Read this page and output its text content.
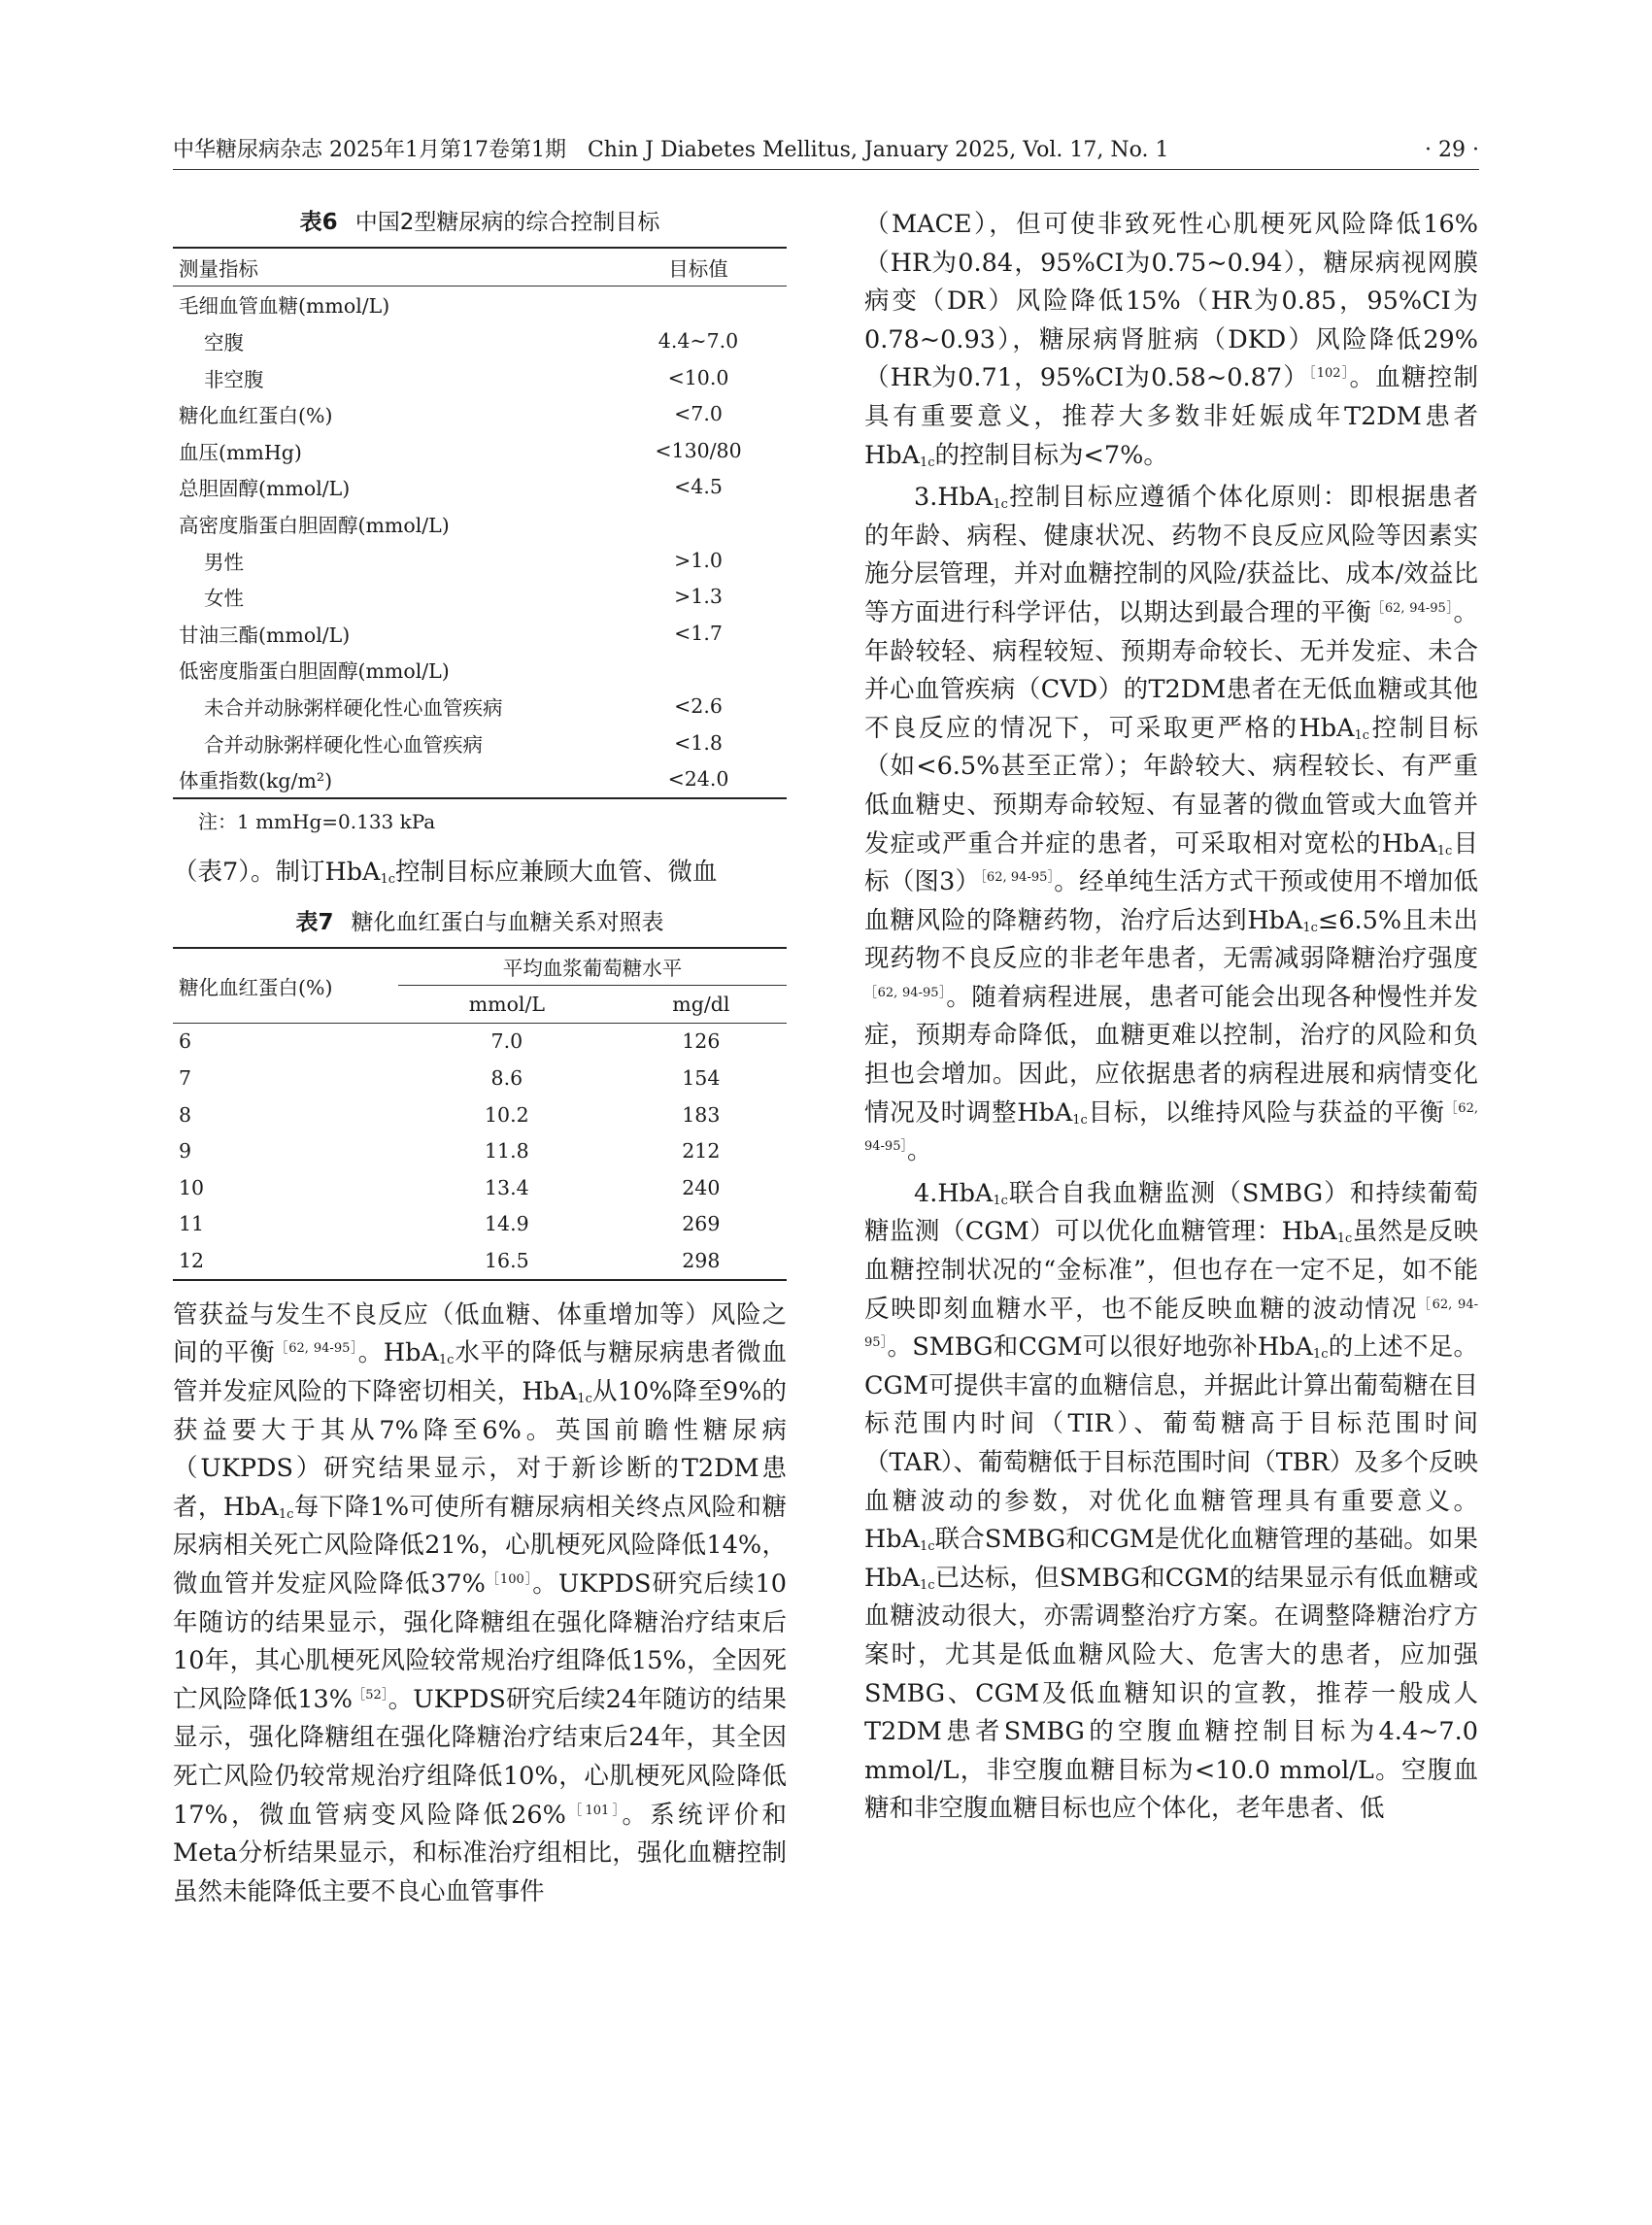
中华糖尿病杂志 2025年1月第17卷第1期　Chin J Diabetes Mellitus, January 2025, Vol. 17, No. 1	· 29 ·
表6 中国2型糖尿病的综合控制目标
测量指标	目标值
毛细血管血糖(mmol/L)	
空腹	4.4~7.0
非空腹	<10.0
糖化血红蛋白(%)	<7.0
血压(mmHg)	<130/80
总胆固醇(mmol/L)	<4.5
高密度脂蛋白胆固醇(mmol/L)	
男性	>1.0
女性	>1.3
甘油三酯(mmol/L)	<1.7
低密度脂蛋白胆固醇(mmol/L)	
未合并动脉粥样硬化性心血管疾病	<2.6
合并动脉粥样硬化性心血管疾病	<1.8
体重指数(kg/m²)	<24.0
注：1 mmHg=0.133 kPa

（表7）。制订HbA$_{1c}$控制目标应兼顾大血管、微血

表7 糖化血红蛋白与血糖关系对照表
糖化血红蛋白(%)	平均血浆葡萄糖水平	
	mmol/L	mg/dl
6	7.0	126
7	8.6	154
8	10.2	183
9	11.8	212
10	13.4	240
11	14.9	269
12	16.5	298

管获益与发生不良反应（低血糖、体重增加等）风险之间的平衡$^{[62, 94-95]}$。HbA$_{1c}$水平的降低与糖尿病患者微血管并发症风险的下降密切相关，HbA$_{1c}$从10%降至9%的获益要大于其从7%降至6%。英国前瞻性糖尿病（UKPDS）研究结果显示，对于新诊断的T2DM患者，HbA$_{1c}$每下降1%可使所有糖尿病相关终点风险和糖尿病相关死亡风险降低21%，心肌梗死风险降低14%，微血管并发症风险降低37%$^{[100]}$。UKPDS研究后续10年随访的结果显示，强化降糖组在强化降糖治疗结束后10年，其心肌梗死风险较常规治疗组降低15%，全因死亡风险降低13%$^{[52]}$。UKPDS研究后续24年随访的结果显示，强化降糖组在强化降糖治疗结束后24年，其全因死亡风险仍较常规治疗组降低10%，心肌梗死风险降低17%，微血管病变风险降低26%$^{[101]}$。系统评价和Meta分析结果显示，和标准治疗组相比，强化血糖控制虽然未能降低主要不良心血管事件

（MACE），但可使非致死性心肌梗死风险降低16%（HR为0.84，95%CI为0.75~0.94），糖尿病视网膜病变（DR）风险降低15%（HR为0.85，95%CI为0.78~0.93），糖尿病肾脏病（DKD）风险降低29%（HR为0.71，95%CI为0.58~0.87）$^{[102]}$。血糖控制具有重要意义，推荐大多数非妊娠成年T2DM患者HbA$_{1c}$的控制目标为<7%。

3.HbA$_{1c}$控制目标应遵循个体化原则：即根据患者的年龄、病程、健康状况、药物不良反应风险等因素实施分层管理，并对血糖控制的风险/获益比、成本/效益比等方面进行科学评估，以期达到最合理的平衡$^{[62, 94-95]}$。年龄较轻、病程较短、预期寿命较长、无并发症、未合并心血管疾病（CVD）的T2DM患者在无低血糖或其他不良反应的情况下，可采取更严格的HbA$_{1c}$控制目标（如<6.5%甚至正常）；年龄较大、病程较长、有严重低血糖史、预期寿命较短、有显著的微血管或大血管并发症或严重合并症的患者，可采取相对宽松的HbA$_{1c}$目标（图3）$^{[62, 94-95]}$。经单纯生活方式干预或使用不增加低血糖风险的降糖药物，治疗后达到HbA$_{1c}$≤6.5%且未出现药物不良反应的非老年患者，无需减弱降糖治疗强度$^{[62, 94-95]}$。随着病程进展，患者可能会出现各种慢性并发症，预期寿命降低，血糖更难以控制，治疗的风险和负担也会增加。因此，应依据患者的病程进展和病情变化情况及时调整HbA$_{1c}$目标，以维持风险与获益的平衡$^{[62, 94-95]}$。

4.HbA$_{1c}$联合自我血糖监测（SMBG）和持续葡萄糖监测（CGM）可以优化血糖管理：HbA$_{1c}$虽然是反映血糖控制状况的“金标准”，但也存在一定不足，如不能反映即刻血糖水平，也不能反映血糖的波动情况$^{[62, 94-95]}$。SMBG和CGM可以很好地弥补HbA$_{1c}$的上述不足。CGM可提供丰富的血糖信息，并据此计算出葡萄糖在目标范围内时间（TIR）、葡萄糖高于目标范围时间（TAR）、葡萄糖低于目标范围时间（TBR）及多个反映血糖波动的参数，对优化血糖管理具有重要意义。HbA$_{1c}$联合SMBG和CGM是优化血糖管理的基础。如果HbA$_{1c}$已达标，但SMBG和CGM的结果显示有低血糖或血糖波动很大，亦需调整治疗方案。在调整降糖治疗方案时，尤其是低血糖风险大、危害大的患者，应加强SMBG、CGM及低血糖知识的宣教，推荐一般成人T2DM患者SMBG的空腹血糖控制目标为4.4~7.0 mmol/L，非空腹血糖目标为<10.0 mmol/L。空腹血糖和非空腹血糖目标也应个体化，老年患者、低
